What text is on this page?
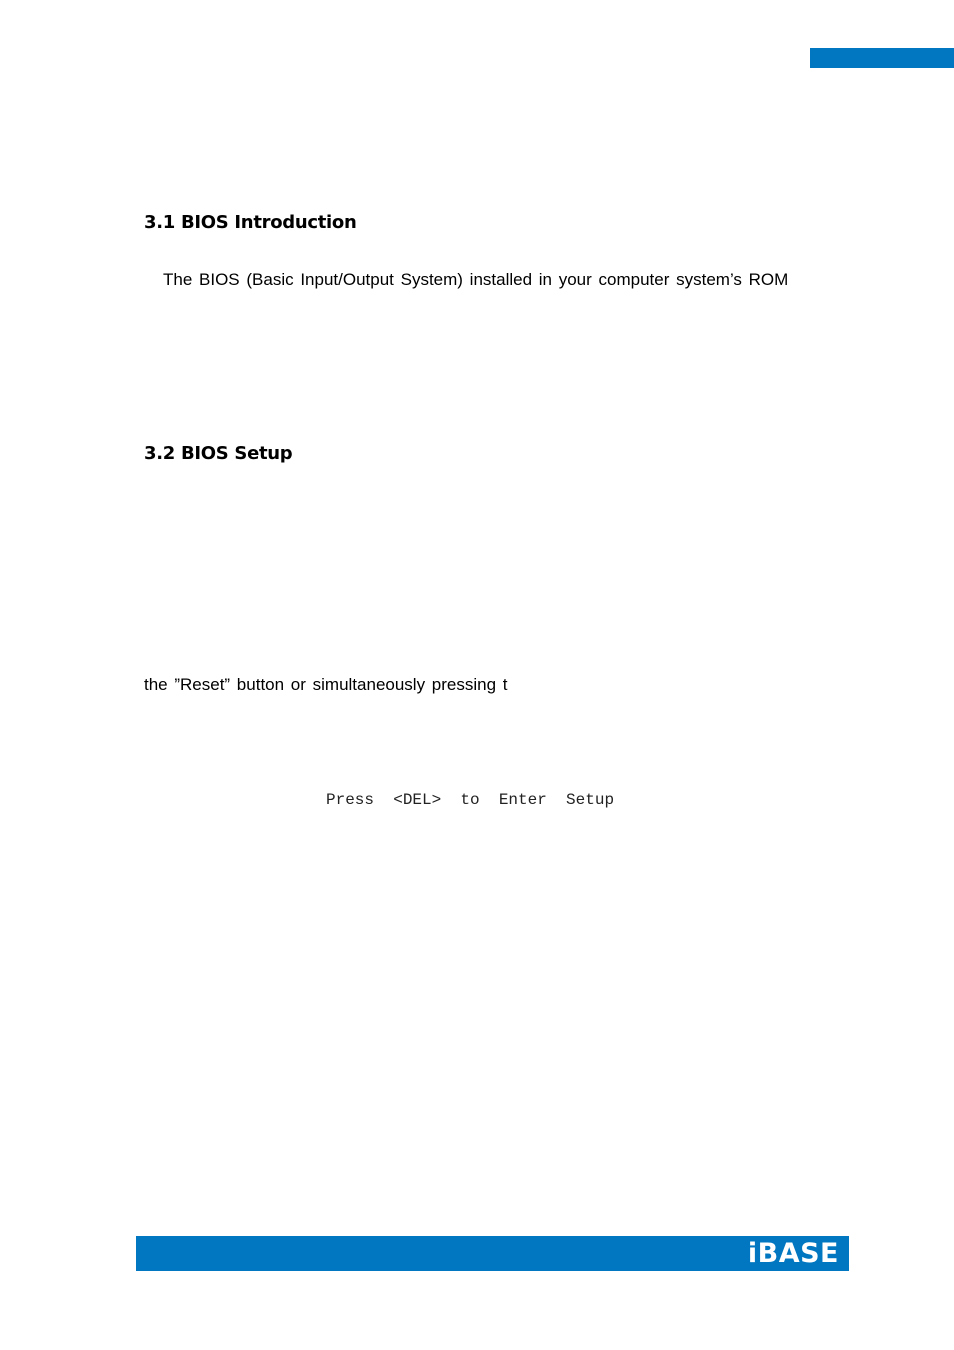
3.1 BIOS Introduction
The BIOS (Basic Input/Output System) installed in your computer system’s ROM
3.2 BIOS Setup
the ”Reset” button or simultaneously pressing t
Press  <DEL>  to  Enter  Setup
iBASE
